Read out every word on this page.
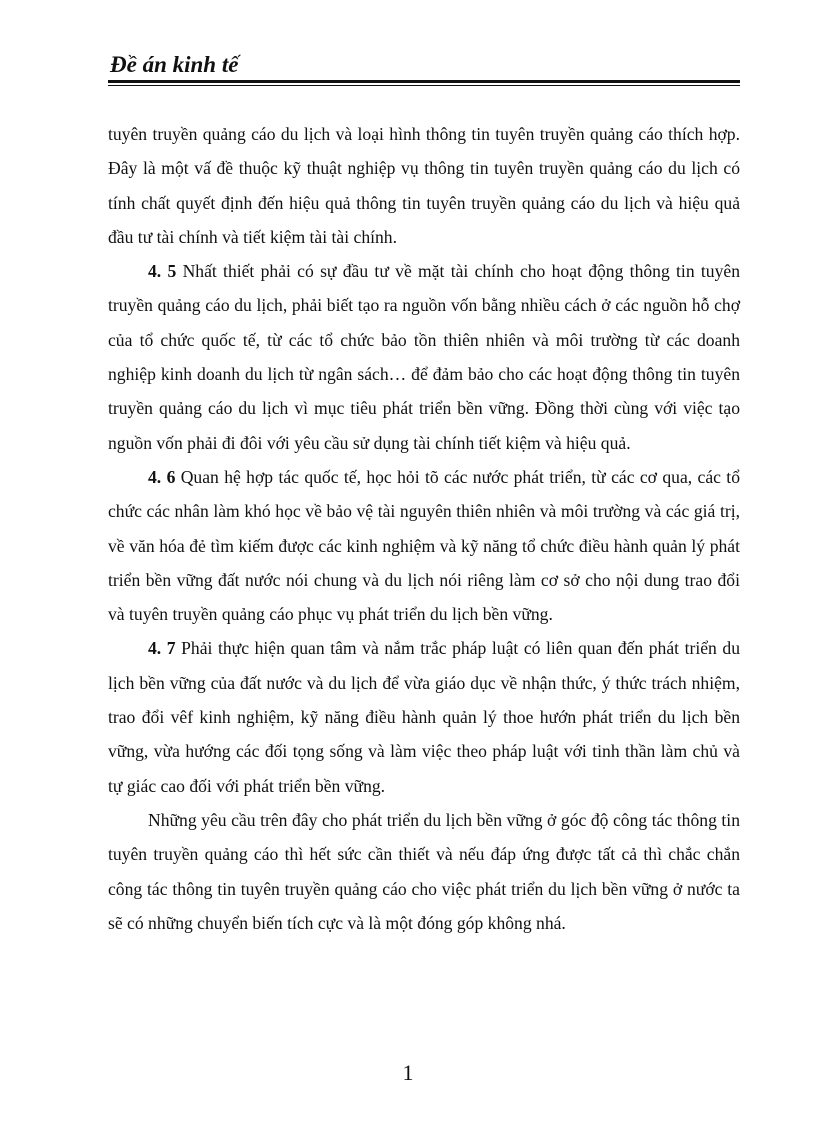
Đề án kinh tế

tuyên truyền quảng cáo du lịch và loại hình thông tin tuyên truyền quảng cáo thích hợp. Đây là một vấ đề thuộc kỹ thuật nghiệp vụ thông tin tuyên truyền quảng cáo du lịch có tính chất quyết định đến hiệu quả thông tin tuyên truyền quảng cáo du lịch và hiệu quả đầu tư tài chính và tiết kiệm tài tài chính.

4. 5 Nhất thiết phải có sự đầu tư về mặt tài chính cho hoạt động thông tin tuyên truyền quảng cáo du lịch, phải biết tạo ra nguồn vốn bằng nhiều cách ở các nguồn hỗ chợ của tổ chức quốc tế, từ các tổ chức bảo tồn thiên nhiên và môi trường từ các doanh nghiệp kinh doanh du lịch từ ngân sách… để đảm bảo cho các hoạt động thông tin tuyên truyền quảng cáo du lịch vì mục tiêu phát triển bền vững. Đồng thời cùng với việc tạo nguồn vốn phải đi đôi với yêu cầu sử dụng tài chính tiết kiệm và hiệu quả.

4. 6 Quan hệ hợp tác quốc tế, học hỏi tõ các nước phát triển, từ các cơ qua, các tổ chức các nhân làm khó học về bảo vệ tài nguyên thiên nhiên và môi trường và các giá trị, về văn hóa đẻ tìm kiếm được các kinh nghiệm và kỹ năng tổ chức điều hành quản lý phát triển bền vững đất nước nói chung và du lịch nói riêng làm cơ sở cho nội dung trao đổi và tuyên truyền quảng cáo phục vụ phát triển du lịch bền vững.

4. 7 Phải thực hiện quan tâm và nắm trắc pháp luật có liên quan đến phát triển du lịch bền vững của đất nước và du lịch để vừa giáo dục về nhận thức, ý thức trách nhiệm, trao đổi vêf kinh nghiệm, kỹ năng điều hành quản lý thoe hướn phát triển du lịch bền vững, vừa hướng các đối tọng sống và làm việc theo pháp luật với tinh thần làm chủ và tự giác cao đối với phát triển bền vững.

Những yêu cầu trên đây cho phát triển du lịch bền vững ở góc độ công tác thông tin tuyên truyền quảng cáo thì hết sức cần thiết và nếu đáp ứng được tất cả thì chắc chắn công tác thông tin tuyên truyền quảng cáo cho việc phát triển du lịch bền vững ở nước ta sẽ có những chuyển biến tích cực và là một đóng góp không nhá.

1
